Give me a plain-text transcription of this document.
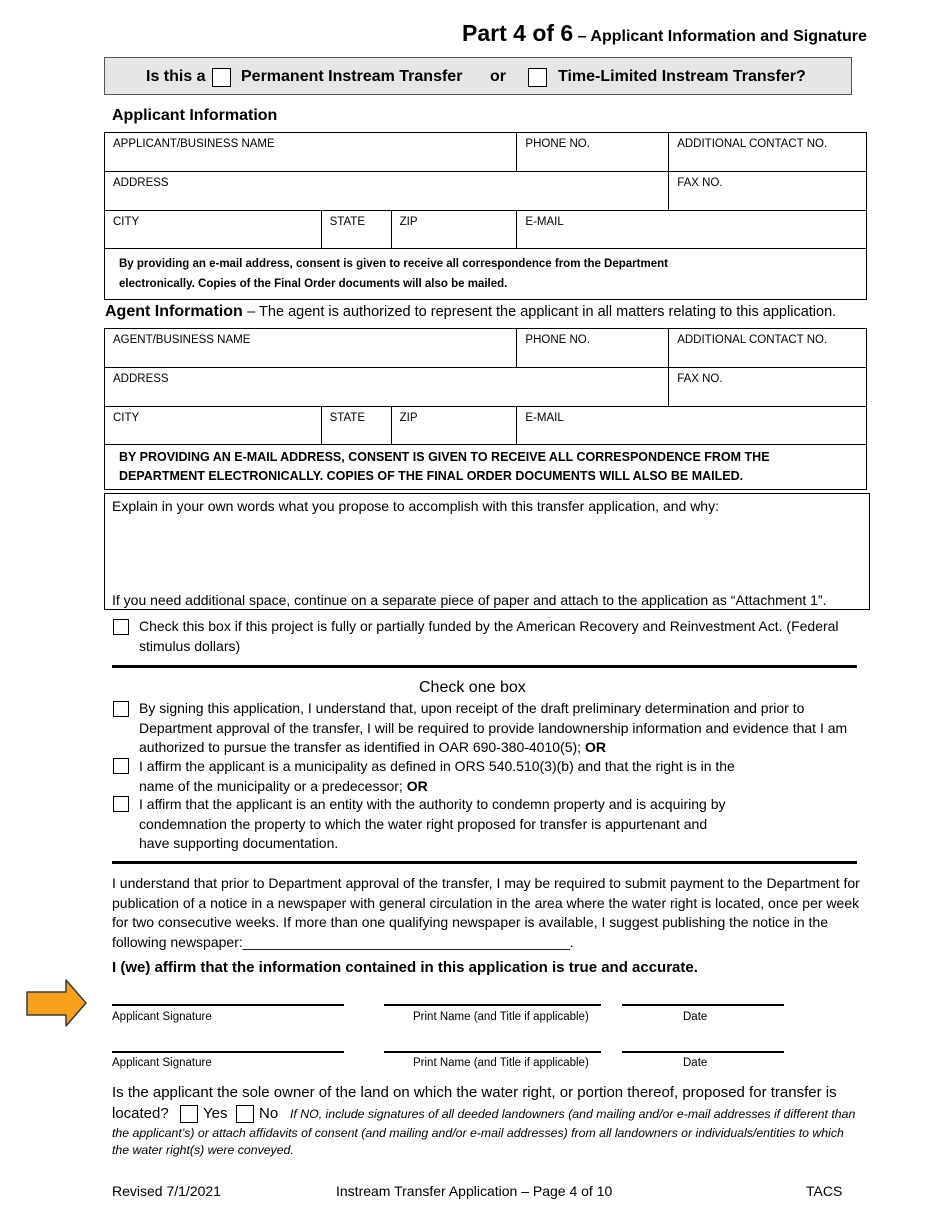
Part 4 of 6 – Applicant Information and Signature
Is this a Permanent Instream Transfer or	Time-Limited Instream Transfer?
Applicant Information
APPLICANT/BUSINESS NAME			PHONE NO.	ADDITIONAL CONTACT NO.
ADDRESS				FAX NO.
CITY	STATE	ZIP	E-MAIL	

By providing an e-mail address, consent is given to receive all correspondence from the Department
electronically. Copies of the Final Order documents will also be mailed.				
Agent Information – The agent is authorized to represent the applicant in all matters relating to this application.
AGENT/BUSINESS NAME			PHONE NO.	ADDITIONAL CONTACT NO.
ADDRESS				FAX NO.
CITY	STATE	ZIP	E-MAIL	

BY PROVIDING AN E-MAIL ADDRESS, CONSENT IS GIVEN TO RECEIVE ALL CORRESPONDENCE FROM THE
DEPARTMENT ELECTRONICALLY. COPIES OF THE FINAL ORDER DOCUMENTS WILL ALSO BE MAILED.				
Explain in your own words what you propose to accomplish with this transfer application, and why:
If you need additional space, continue on a separate piece of paper and attach to the application as “Attachment 1”.
Check this box if this project is fully or partially funded by the American Recovery and Reinvestment Act. (Federal
stimulus dollars)
Check one box
By signing this application, I understand that, upon receipt of the draft preliminary determination and prior to
Department approval of the transfer, I will be required to provide landownership information and evidence that I am
authorized to pursue the transfer as identified in OAR 690-380-4010(5); OR
I affirm the applicant is a municipality as defined in ORS 540.510(3)(b) and that the right is in the
name of the municipality or a predecessor; OR
I affirm that the applicant is an entity with the authority to condemn property and is acquiring by
condemnation the property to which the water right proposed for transfer is appurtenant and
have supporting documentation.
I understand that prior to Department approval of the transfer, I may be required to submit payment to the Department for
publication of a notice in a newspaper with general circulation in the area where the water right is located, once per week
for two consecutive weeks. If more than one qualifying newspaper is available, I suggest publishing the notice in the
following newspaper:__________________________________________.
I (we) affirm that the information contained in this application is true and accurate.
Applicant Signature	Print Name (and Title if applicable)	Date
Applicant Signature	Print Name (and Title if applicable)	Date
Is the applicant the sole owner of the land on which the water right, or portion thereof, proposed for transfer is
located? Yes No If NO, include signatures of all deeded landowners (and mailing and/or e-mail addresses if different than
the applicant’s) or attach affidavits of consent (and mailing and/or e-mail addresses) from all landowners or individuals/entities to which
the water right(s) were conveyed.
Revised 7/1/2021	Instream Transfer Application – Page 4 of 10	TACS
